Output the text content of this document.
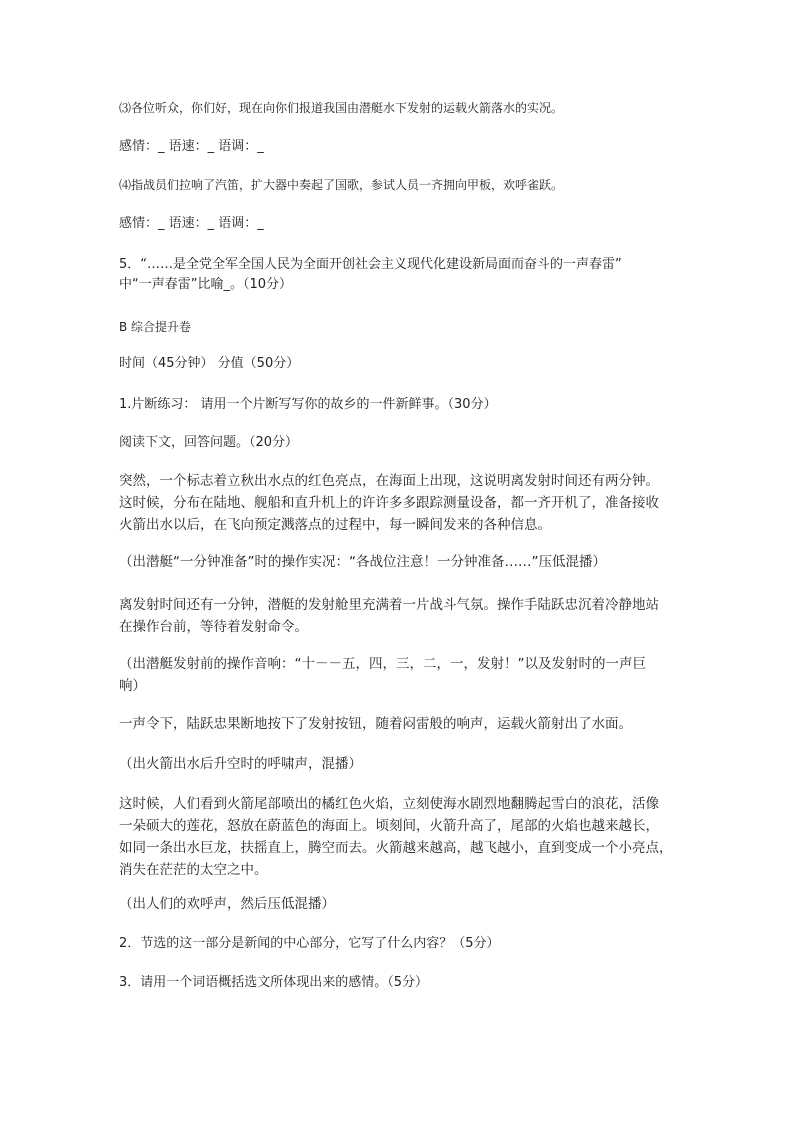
⑶各位听众，你们好，现在向你们报道我国由潜艇水下发射的运载火箭落水的实况。
感情：_ 语速：_ 语调：_
⑷指战员们拉响了汽笛，扩大器中奏起了国歌，参试人员一齐拥向甲板，欢呼雀跃。
感情：_ 语速：_ 语调：_
5．“……是全党全军全国人民为全面开创社会主义现代化建设新局面而奋斗的一声春雷”
中“一声春雷”比喻_。（10分）
B 综合提升卷
时间（45分钟） 分值（50分）
1.片断练习： 请用一个片断写写你的故乡的一件新鲜事。（30分）
阅读下文，回答问题。（20分）
突然，一个标志着立秋出水点的红色亮点，在海面上出现，这说明离发射时间还有两分钟。
这时候，分布在陆地、舰船和直升机上的许许多多跟踪测量设备，都一齐开机了，准备接收
火箭出水以后，在飞向预定溅落点的过程中，每一瞬间发来的各种信息。
（出潜艇“一分钟准备”时的操作实况：“各战位注意！一分钟准备……”压低混播）
离发射时间还有一分钟，潜艇的发射舱里充满着一片战斗气氛。操作手陆跃忠沉着冷静地站
在操作台前，等待着发射命令。
（出潜艇发射前的操作音响：“十－－五，四，三，二，一，发射！”以及发射时的一声巨
响）
一声令下，陆跃忠果断地按下了发射按钮，随着闷雷般的响声，运载火箭射出了水面。
（出火箭出水后升空时的呼啸声，混播）
这时候，人们看到火箭尾部喷出的橘红色火焰，立刻使海水剧烈地翻腾起雪白的浪花，活像
一朵硕大的莲花，怒放在蔚蓝色的海面上。顷刻间，火箭升高了，尾部的火焰也越来越长，
如同一条出水巨龙，扶摇直上，腾空而去。火箭越来越高，越飞越小，直到变成一个小亮点，
消失在茫茫的太空之中。
（出人们的欢呼声，然后压低混播）
2．节选的这一部分是新闻的中心部分，它写了什么内容？（5分）
3．请用一个词语概括选文所体现出来的感情。（5分）
